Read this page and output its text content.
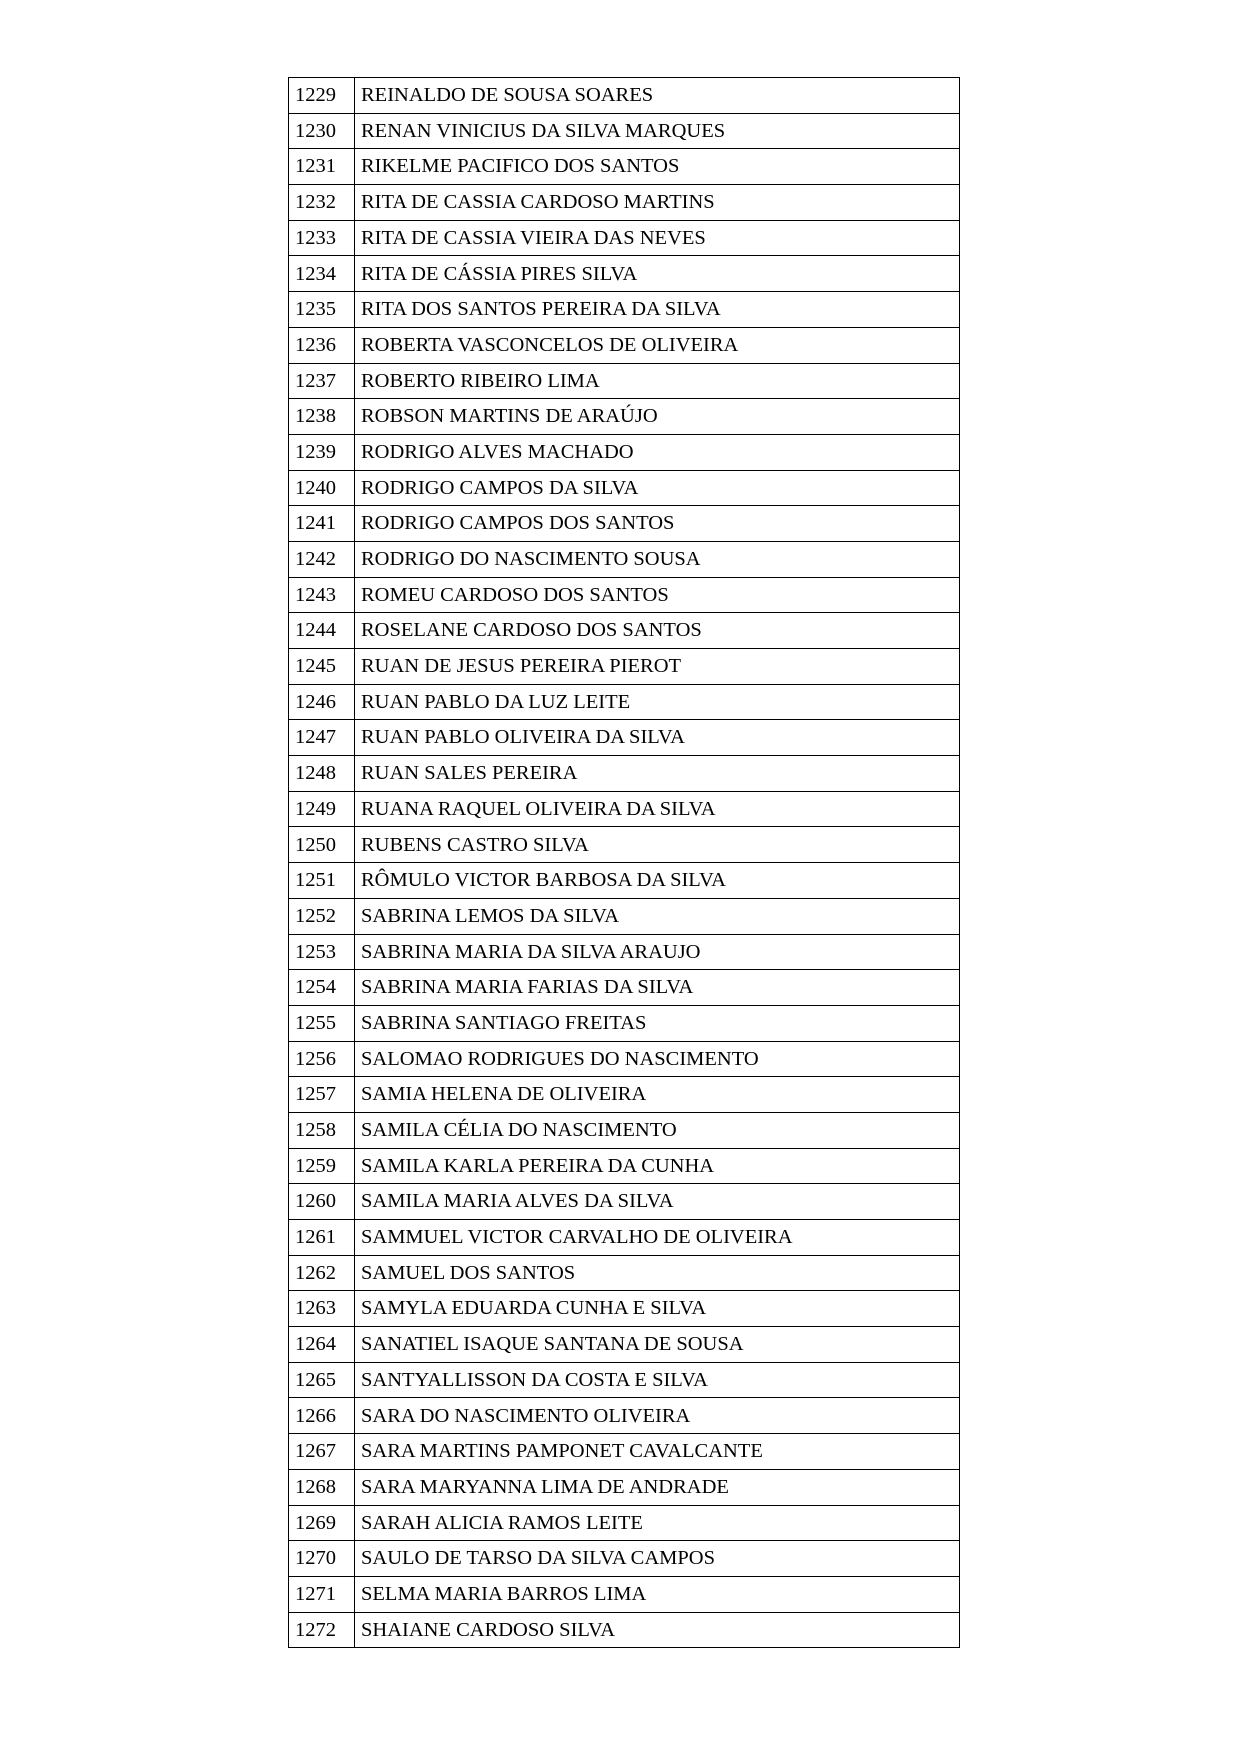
1229	REINALDO DE SOUSA SOARES
1230	RENAN VINICIUS DA SILVA MARQUES
1231	RIKELME PACIFICO DOS SANTOS
1232	RITA DE CASSIA CARDOSO MARTINS
1233	RITA DE CASSIA VIEIRA DAS NEVES
1234	RITA DE CÁSSIA PIRES SILVA
1235	RITA DOS SANTOS PEREIRA DA SILVA
1236	ROBERTA VASCONCELOS DE OLIVEIRA
1237	ROBERTO RIBEIRO LIMA
1238	ROBSON MARTINS DE ARAÚJO
1239	RODRIGO ALVES MACHADO
1240	RODRIGO CAMPOS DA SILVA
1241	RODRIGO CAMPOS DOS SANTOS
1242	RODRIGO DO NASCIMENTO SOUSA
1243	ROMEU CARDOSO DOS SANTOS
1244	ROSELANE CARDOSO DOS SANTOS
1245	RUAN DE JESUS PEREIRA PIEROT
1246	RUAN PABLO DA LUZ LEITE
1247	RUAN PABLO OLIVEIRA DA SILVA
1248	RUAN SALES PEREIRA
1249	RUANA RAQUEL OLIVEIRA DA SILVA
1250	RUBENS CASTRO SILVA
1251	RÔMULO VICTOR BARBOSA DA SILVA
1252	SABRINA LEMOS DA SILVA
1253	SABRINA MARIA DA SILVA ARAUJO
1254	SABRINA MARIA FARIAS DA SILVA
1255	SABRINA SANTIAGO FREITAS
1256	SALOMAO RODRIGUES DO NASCIMENTO
1257	SAMIA HELENA DE OLIVEIRA
1258	SAMILA CÉLIA DO NASCIMENTO
1259	SAMILA KARLA PEREIRA DA CUNHA
1260	SAMILA MARIA ALVES DA SILVA
1261	SAMMUEL VICTOR CARVALHO DE OLIVEIRA
1262	SAMUEL DOS SANTOS
1263	SAMYLA EDUARDA CUNHA E SILVA
1264	SANATIEL ISAQUE SANTANA DE SOUSA
1265	SANTYALLISSON DA COSTA E SILVA
1266	SARA DO NASCIMENTO OLIVEIRA
1267	SARA MARTINS PAMPONET CAVALCANTE
1268	SARA MARYANNA LIMA DE ANDRADE
1269	SARAH ALICIA RAMOS LEITE
1270	SAULO DE TARSO DA SILVA CAMPOS
1271	SELMA MARIA BARROS LIMA
1272	SHAIANE CARDOSO SILVA
